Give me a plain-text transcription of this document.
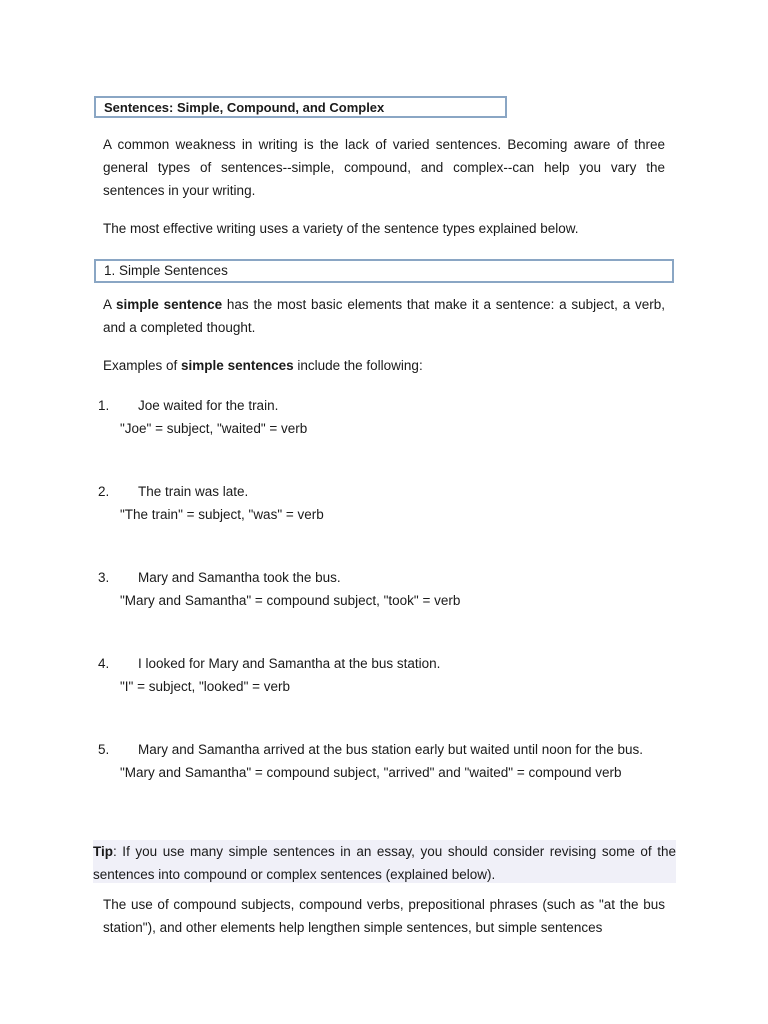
Sentences: Simple, Compound, and Complex

A common weakness in writing is the lack of varied sentences. Becoming aware of three general types of sentences--simple, compound, and complex--can help you vary the sentences in your writing.

The most effective writing uses a variety of the sentence types explained below.

1. Simple Sentences

A simple sentence has the most basic elements that make it a sentence: a subject, a verb, and a completed thought.

Examples of simple sentences include the following:

1. Joe waited for the train.
"Joe" = subject, "waited" = verb
2. The train was late.
"The train" = subject, "was" = verb
3. Mary and Samantha took the bus.
"Mary and Samantha" = compound subject, "took" = verb
4. I looked for Mary and Samantha at the bus station.
"I" = subject, "looked" = verb
5. Mary and Samantha arrived at the bus station early but waited until noon for the bus.
"Mary and Samantha" = compound subject, "arrived" and "waited" = compound verb

Tip: If you use many simple sentences in an essay, you should consider revising some of the sentences into compound or complex sentences (explained below).

The use of compound subjects, compound verbs, prepositional phrases (such as "at the bus station"), and other elements help lengthen simple sentences, but simple sentences
